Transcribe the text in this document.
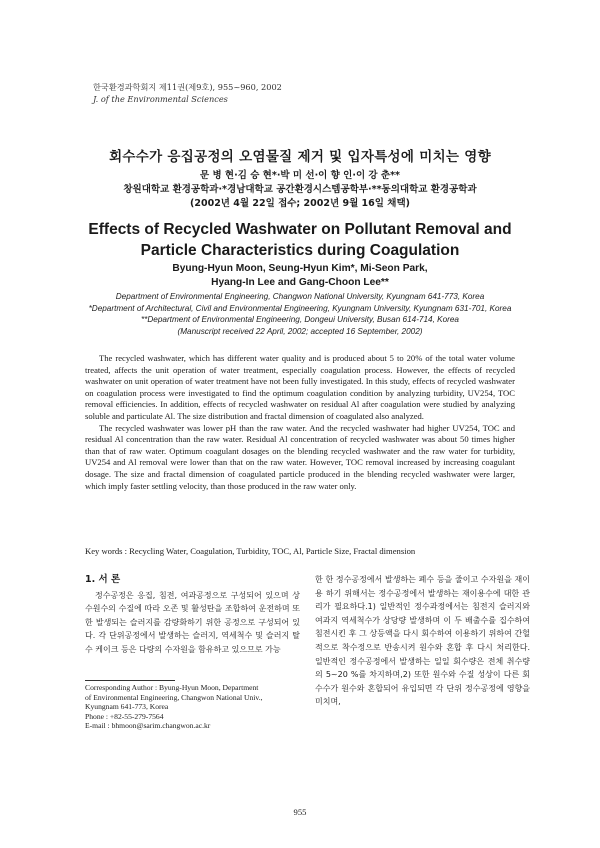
한국환경과학회지 제11권(제9호), 955~960, 2002
J. of the Environmental Sciences
회수수가 응집공정의 오염물질 제거 및 입자특성에 미치는 영향
문 병 현·김 승 현*·박 미 선·이 향 인·이 강 춘**
창원대학교 환경공학과·*경남대학교 공간환경시스템공학부·**동의대학교 환경공학과
(2002년 4월 22일 접수; 2002년 9월 16일 채택)
Effects of Recycled Washwater on Pollutant Removal and
Particle Characteristics during Coagulation
Byung-Hyun Moon, Seung-Hyun Kim*, Mi-Seon Park,
Hyang-In Lee and Gang-Choon Lee**
Department of Environmental Engineering, Changwon National University, Kyungnam 641-773, Korea
*Department of Architectural, Civil and Environmental Engineering, Kyungnam University, Kyungnam 631-701, Korea
**Department of Environmental Engineering, Dongeui University, Busan 614-714, Korea
(Manuscript received 22 April, 2002; accepted 16 September, 2002)

The recycled washwater, which has different water quality and is produced about 5 to 20% of the total water volume treated, affects the unit operation of water treatment, especially coagulation process. However, the effects of recycled washwater on unit operation of water treatment have not been fully investigated. In this study, effects of recycled washwater on coagulation process were investigated to find the optimum coagulation condition by analyzing turbidity, UV254, TOC removal efficiencies. In addition, effects of recycled washwater on residual Al after coagulation were studied by analyzing soluble and particulate Al. The size distribution and fractal dimension of coagulated also analyzed.

The recycled washwater was lower pH than the raw water. And the recycled washwater had higher UV254, TOC and residual Al concentration than the raw water. Residual Al concentration of recycled washwater was about 50 times higher than that of raw water. Optimum coagulant dosages on the blending recycled washwater and the raw water for turbidity, UV254 and Al removal were lower than that on the raw water. However, TOC removal increased by increasing coagulant dosage. The size and fractal dimension of coagulated particle produced in the blending recycled washwater were larger, which imply faster settling velocity, than those produced in the raw water only.

Key words : Recycling Water, Coagulation, Turbidity, TOC, Al, Particle Size, Fractal dimension

1. 서 론

정수공정은 응집, 침전, 여과공정으로 구성되어 있으며 상수원수의 수질에 따라 오존 및 활성탄을 조합하여 운전하며 또한 발생되는 슬러지를 감량화하기 위한 공정으로 구성되어 있다. 각 단위공정에서 발생하는 슬러지, 역세척수 및 슬러지 탈수 케이크 등은 다량의 수자원을 함유하고 있으므로 가능

한 한 정수공정에서 발생하는 폐수 등을 줄이고 수자원을 재이용 하기 위해서는 정수공정에서 발생하는 재이용수에 대한 관리가 필요하다.1) 일반적인 정수과정에서는 침전지 슬러지와 여과지 역세척수가 상당량 발생하며 이 두 배출수를 집수하여 침전시킨 후 그 상등액을 다시 회수하여 이용하기 위하여 간헐적으로 착수정으로 반송시켜 원수와 혼합 후 다시 처리한다. 일반적인 정수공정에서 발생하는 일일 회수량은 전체 취수량의 5~20 %를 차지하며,2) 또한 원수와 수질 성상이 다른 회수수가 원수와 혼합되어 유입되면 각 단위 정수공정에 영향을 미치며,

Corresponding Author : Byung-Hyun Moon, Department
of Environmental Engineering, Changwon National Univ.,
Kyungnam 641-773, Korea
Phone : +82-55-279-7564
E-mail : bhmoon@sarim.changwon.ac.kr
955
